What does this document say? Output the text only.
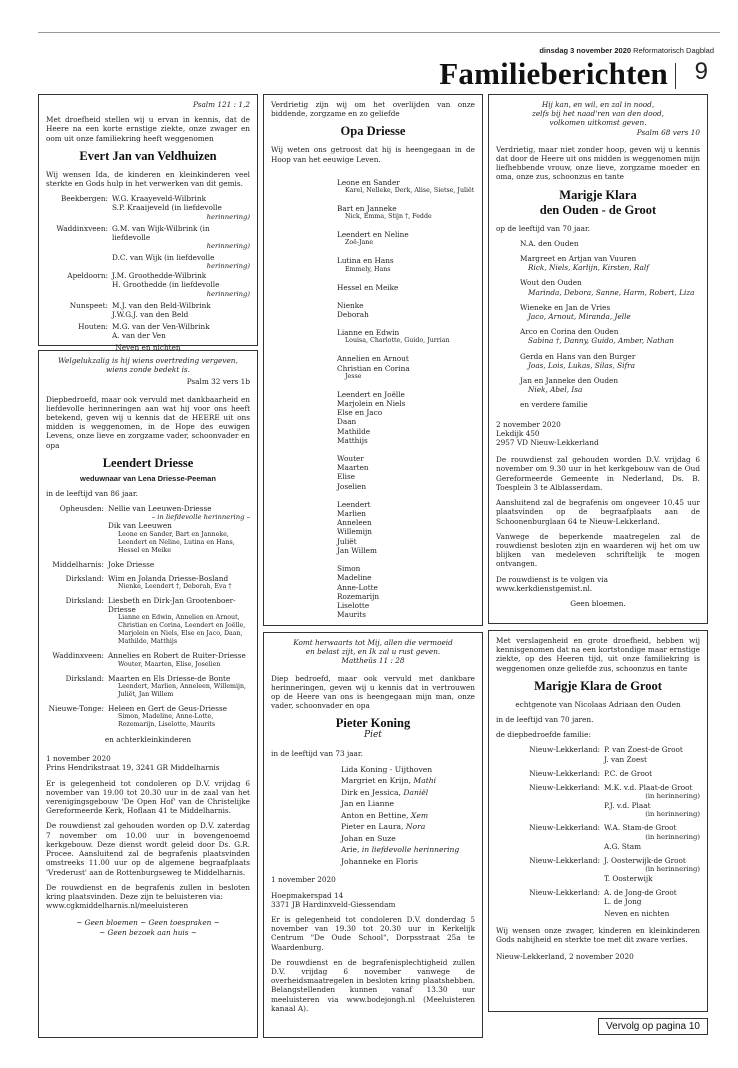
dinsdag 3 november 2020 Reformatorisch Dagblad
Familieberichten 9

Psalm 121 : 1,2

Met droefheid stellen wij u ervan in kennis, dat de Heere na een korte ernstige ziekte, onze zwager en oom uit onze familiekring heeft weggenomen

Evert Jan van Veldhuizen

Wij wensen Ida, de kinderen en kleinkinderen veel sterkte en Gods hulp in het verwerken van dit gemis.

Beekbergen: W.G. Kraayeveld-Wilbrink
S.P. Kraaijeveld (in liefdevolle
herinnering)
Waddinxveen: G.M. van Wijk-Wilbrink (in liefdevolle
herinnering)
D.C. van Wijk (in liefdevolle
herinnering)
Apeldoorn: J.M. Groothedde-Wilbrink
H. Groothedde (in liefdevolle
herinnering)
Nunspeet: M.J. van den Beld-Wilbrink
J.W.G.J. van den Beld
Houten: M.G. van der Ven-Wilbrink
A. van der Ven

Neven en nichten

Welgelukzalig is hij wiens overtreding vergeven,

wiens zonde bedekt is.

Psalm 32 vers 1b

Diepbedroefd, maar ook vervuld met dankbaarheid en liefdevolle herinneringen aan wat hij voor ons heeft betekend, geven wij u kennis dat de HEERE uit ons midden is weggenomen, in de Hope des euwigen Levens, onze lieve en zorgzame vader, schoonvader en opa

Leendert Driesse
weduwnaar van Lena Driesse-Peeman

in de leeftijd van 86 jaar.

Opheusden: Nellie van Leeuwen-Driesse
– in liefdevolle herinnering –
Dik van Leeuwen
Leone en Sander, Bart en Janneke, Leendert en Neline, Lutina en Hans, Hessel en Meike
Middelharnis: Joke Driesse
Dirksland: Wim en Jolanda Driesse-Bosland
Nienke, Leendert †, Deborah, Eva †
Dirksland: Liesbeth en Dirk-Jan Grootenboer-Driesse
Lianne en Edwin, Annelien en Arnout, Christian en Corina, Leendert en Joëlle, Marjolein en Niels, Else en Jaco, Daan, Mathilde, Matthijs
Waddinxveen: Annelies en Robert de Ruiter-Driesse
Wouter, Maarten, Elise, Joselien
Dirksland: Maarten en Els Driesse-de Bonte
Leendert, Marlien, Anneleen, Willemijn, Juliët, Jan Willem
Nieuwe-Tonge: Heleen en Gert de Geus-Driesse
Simon, Madeline, Anne-Lotte, Rozemarijn, Liselotte, Maurits

en achterkleinkinderen

1 november 2020

Prins Hendrikstraat 19, 3241 GR Middelharnis

Er is gelegenheid tot condoleren op D.V. vrijdag 6 november van 19.00 tot 20.30 uur in de zaal van het verenigingsgebouw 'De Open Hof' van de Christelijke Gereformeerde Kerk, Hoflaan 41 te Middelharnis.

De rouwdienst zal gehouden worden op D.V. zaterdag 7 november om 10.00 uur in bovengenoemd kerkgebouw. Deze dienst wordt geleid door Ds. G.R. Procee. Aansluitend zal de begrafenis plaatsvinden omstreeks 11.00 uur op de algemene begraafplaats 'Vrederust' aan de Rottenburgseweg te Middelharnis.

De rouwdienst en de begrafenis zullen in besloten kring plaatsvinden. Deze zijn te beluisteren via:

www.cgkmiddelharnis.nl/meeluisteren

~ Geen bloemen ~ Geen toespraken ~

~ Geen bezoek aan huis ~

Verdrietig zijn wij om het overlijden van onze biddende, zorgzame en zo geliefde

Opa Driesse

Wij weten ons getroost dat hij is heengegaan in de Hoop van het eeuwige Leven.

Leone en Sander
Karel, Nelleke, Derk, Alise, Sietse, Juliët
Bart en Janneke
Nick, Emma, Stijn †, Fedde
Leendert en Neline
Zoë-Jane
Lutina en Hans
Emmely, Hans
Hessel en Meike
Nienke
Deborah
Lianne en Edwin
Louisa, Charlotte, Guido, Jurrian
Annelien en Arnout
Christian en Corina
Jesse
Leendert en Joëlle
Marjolein en Niels
Else en Jaco
Daan
Mathilde
Matthijs
Wouter
Maarten
Elise
Joselien
Leendert
Marlien
Anneleen
Willemijn
Juliët
Jan Willem
Simon
Madeline
Anne-Lotte
Rozemarijn
Liselotte
Maurits

Komt herwaarts tot Mij, allen die vermoeid

en belast zijt, en Ik zal u rust geven.

Mattheüs 11 : 28

Diep bedroefd, maar ook vervuld met dankbare herinneringen, geven wij u kennis dat in vertrouwen op de Heere van ons is heengegaan mijn man, onze vader, schoonvader en opa

Pieter Koning

Piet

in de leeftijd van 73 jaar.

Lida Koning - Uijthoven
Margriet en Krijn, Mathi
Dirk en Jessica, Daniël
Jan en Lianne
Anton en Bettine, Xem
Pieter en Laura, Nora
Johan en Suze
Arie, in liefdevolle herinnering
Johanneke en Floris

1 november 2020

Hoepmakerspad 14

3371 JB Hardinxveld-Giessendam

Er is gelegenheid tot condoleren D.V. donderdag 5 november van 19.30 tot 20.30 uur in Kerkelijk Centrum "De Oude School", Dorpsstraat 25a te Waardenburg.

De rouwdienst en de begrafenisplechtigheid zullen D.V. vrijdag 6 november vanwege de overheidsmaatregelen in besloten kring plaatshebben. Belangstellenden kunnen vanaf 13.30 uur meeluisteren via www.bodejongh.nl (Meeluisteren kanaal A).

Hij kan, en wil, en zal in nood,

zelfs bij het naad'ren van den dood,

volkomen uitkomst geven.

Psalm 68 vers 10

Verdrietig, maar niet zonder hoop, geven wij u kennis dat door de Heere uit ons midden is weggenomen mijn liefhebbende vrouw, onze lieve, zorgzame moeder en oma, onze zus, schoonzus en tante

Marigje Klara
den Ouden - de Groot

op de leeftijd van 70 jaar.

N.A. den Ouden
Margreet en Artjan van Vuuren
Rick, Niels, Karlijn, Kirsten, Ralf
Wout den Ouden
Marinda, Debora, Sanne, Harm, Robert, Liza
Wieneke en Jan de Vries
Jaco, Arnout, Miranda, Jelle
Arco en Corina den Ouden
Sabina †, Danny, Guido, Amber, Nathan
Gerda en Hans van den Burger
Joas, Lois, Lukas, Silas, Sifra
Jan en Janneke den Ouden
Niek, Abel, Isa
en verdere familie

2 november 2020

Lekdijk 450

2957 VD Nieuw-Lekkerland

De rouwdienst zal gehouden worden D.V. vrijdag 6 november om 9.30 uur in het kerkgebouw van de Oud Gereformeerde Gemeente in Nederland, Ds. B. Toesplein 3 te Alblasserdam.

Aansluitend zal de begrafenis om ongeveer 10.45 uur plaatsvinden op de begraafplaats aan de Schoonenburglaan 64 te Nieuw-Lekkerland.

Vanwege de beperkende maatregelen zal de rouwdienst besloten zijn en waarderen wij het om uw blijken van medeleven schriftelijk te mogen ontvangen.

De rouwdienst is te volgen via

www.kerkdienstgemist.nl.

Geen bloemen.

Met verslagenheid en grote droefheid, hebben wij kennisgenomen dat na een kortstondige maar ernstige ziekte, op des Heeren tijd, uit onze familiekring is weggenomen onze geliefde zus, schoonzus en tante

Marigje Klara de Groot

echtgenote van Nicolaas Adriaan den Ouden

in de leeftijd van 70 jaren.

de diepbedroefde familie:

Nieuw-Lekkerland: P. van Zoest-de Groot
J. van Zoest
Nieuw-Lekkerland: P.C. de Groot
Nieuw-Lekkerland: M.K. v.d. Plaat-de Groot
(in herinnering)
P.J. v.d. Plaat
(in herinnering)
Nieuw-Lekkerland: W.A. Stam-de Groot
(in herinnering)
A.G. Stam
Nieuw-Lekkerland: J. Oosterwijk-de Groot
(in herinnering)
T. Oosterwijk
Nieuw-Lekkerland: A. de Jong-de Groot
L. de Jong

Neven en nichten

Wij wensen onze zwager, kinderen en kleinkinderen Gods nabijheid en sterkte toe met dit zware verlies.

Nieuw-Lekkerland, 2 november 2020

Vervolg op pagina 10
